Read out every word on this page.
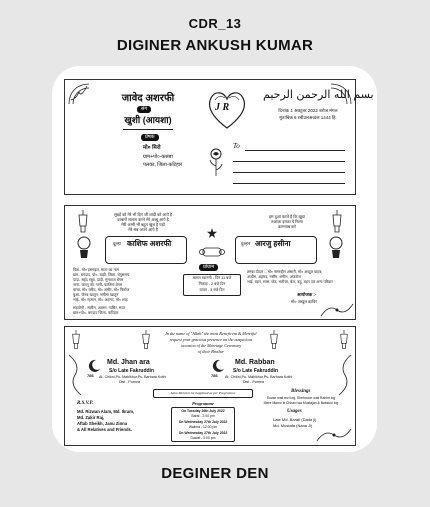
CDR_13
DIGINER ANKUSH KUMAR
जावेद अशरफी
संग
खुशी (आयशा)
प्रेषक
मो० मिरो
ग्राम+पो०-कसबा
पलका, जिला-कटिहार
J R
بسم الله الرحمن الرحيم
दिनांक 1 अक्टूबर 2022 बरोज मंगल
मुताबिक 6 रबीउलअव्वल 1444 हि.
To
सुबहें को मेरे भी दिन जी शादी को आये है
दरबारों सलाम करने मेरे अब्बू आये है
मेरी अम्मी भी बहुत खुश है यहाँ
मेरे सब अपने आये है
हम दुआ करते हैं कि ख़ुदा
तआला इनका ये रिश्ता
कामयाब करे
दूल्हा काशिफ अशरफी	दुल्हन आरजु हसीना
पिता- मो० इस्माइल, माता का नाम
ग्राम- बगदाद, पो०- बाड़ी, जिला- बेगुसराय
दादा- सईद रबूब, दादी- मुमताज बेगम
नाना- कल्लू जी, नानी- फातिमा बेगम
चाचा- मो० रसीद, मो० अमीर, मो० फिरोज
बुआ- जैनब खातून, नसीमा खातून
भाई- मो० रहमान, मो० अहमद, मो० शाह
सहयोगी - सलीम, आलम, नासिर, सदर
ग्राम+पो०- बगदाद जिला- कटिहार
प्रोग्राम
बारात रवानगी - दिन 11 बजे
निकाह - 2 बजे दिन
दावत - 3 बजे दिन
तमन्ना दीदार :- मो० नसरुद्दीन अंसारी, मो० अब्दुल वाहब,
अज़ीम, अहमद, नसीम, शमीम, अफरोज
भाई, बहन, सास, जेठ, भतीजा, बेटा, बहु, बहन एवं अन्य परिवार
आयोजक :-
मो० अब्दुल कादिर
In the name of "Allah" the most Beneficent & Merciful
request your gracious presence on the auspicious
occasion of the Marriage Ceremony
of their Brother
786	786
Md. Jhan ara
S/o Late Fakruddin
At- Chikni,Po- Mahikhur,Ps- Barhara Kothi
Dist - Purnea
Md. Rabban
S/o Late Fakruddin
At- Chikni,Po- Mahikhur,Ps- Barhara Kothi
Dist - Purnea
Sahu Mehil to be bappined as per Programme
R.S.V.P.
Md. Rizwan Alam, Md. Ikram,
Md. Zakir Raj,
Aftab Sheikh, Janu Zinna
& All Relatives and Friends.
Programme
On Tuesday 26th July 2022
Barat - 2:00 pm
On Wednesday 27th July 2022
Walima - 12:00 pm
On Wednesday 27th July 2022
Dawat - 3:00 pm
Blessings
Suvan wali rezi log, Shehnoon wali Rahim log
Mere Mamu ki Chhavi wa Mustajan & Bassuul log
Usages
Late Md. Barati (Dada ji)
Md. Mustafa (Nana Ji)
DEGINER DEN
